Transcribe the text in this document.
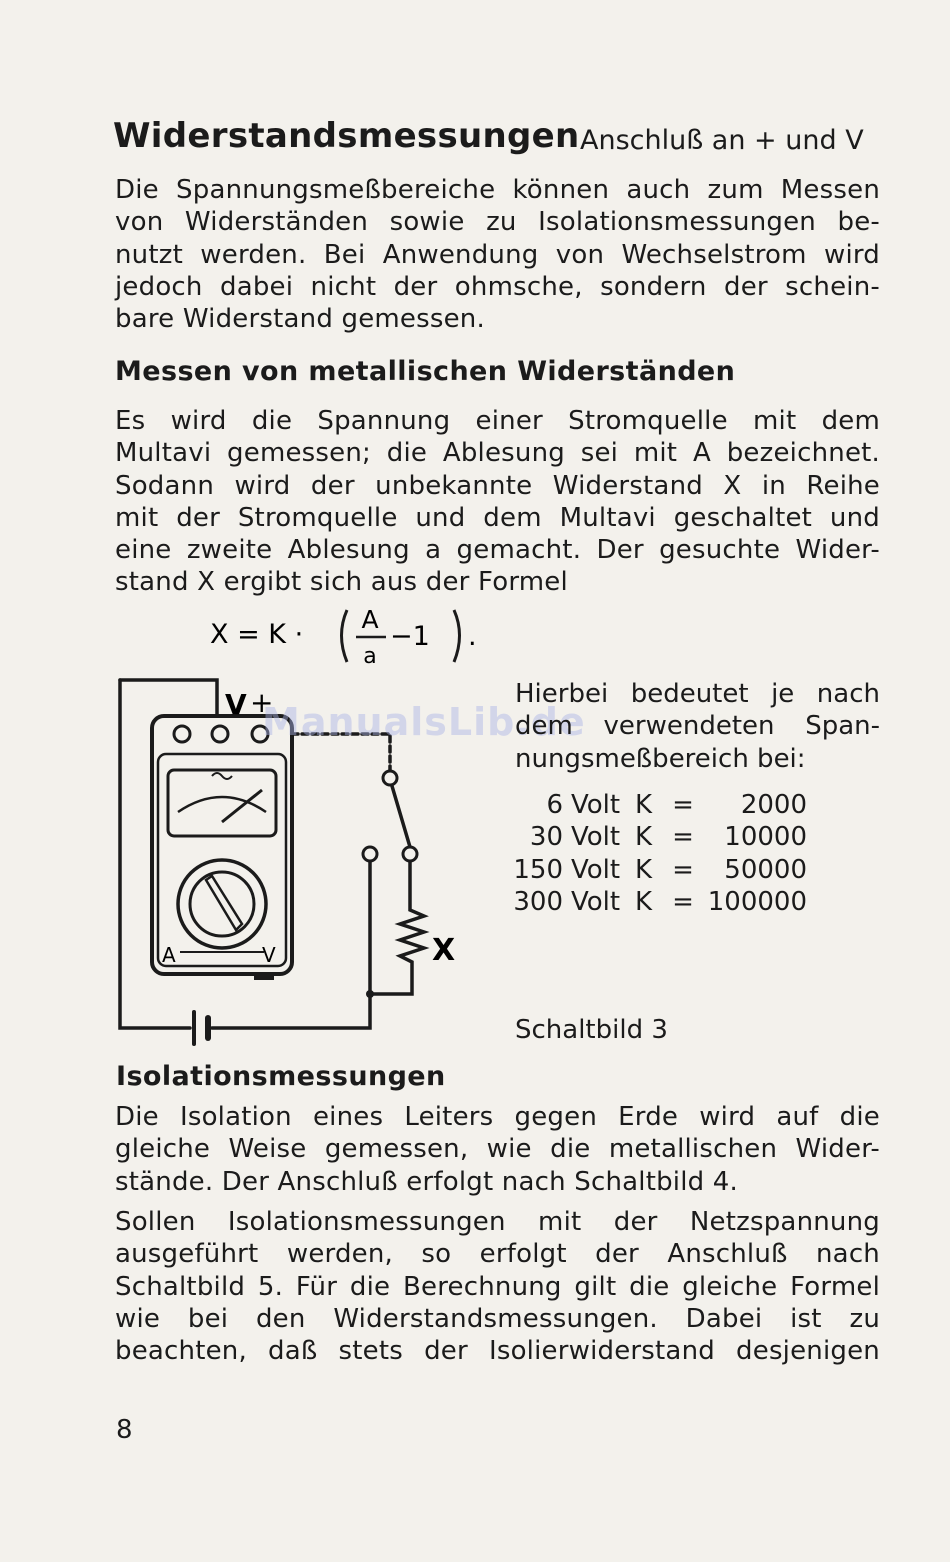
Widerstandsmessungen Anschluß an + und V
Die Spannungsmeßbereiche können auch zum Messen
von Widerständen sowie zu Isolationsmessungen be-
nutzt werden. Bei Anwendung von Wechselstrom wird
jedoch dabei nicht der ohmsche, sondern der schein-
bare Widerstand gemessen.
Messen von metallischen Widerständen
Es wird die Spannung einer Stromquelle mit dem
Multavi gemessen; die Ablesung sei mit A bezeichnet.
Sodann wird der unbekannte Widerstand X in Reihe
mit der Stromquelle und dem Multavi geschaltet und
eine zweite Ablesung a gemacht. Der gesuchte Wider-
stand X ergibt sich aus der Formel
X = K · A
a
−1 .
V +
A	V	X
ManualsLib.de
Hierbei bedeutet je nach
dem verwendeten Span-
nungsmeßbereich bei:
6	Volt	K	=	2000
30	Volt	K	=	10000
150	Volt	K	=	50000
300	Volt	K	=	100000
Schaltbild 3
Isolationsmessungen
Die Isolation eines Leiters gegen Erde wird auf die
gleiche Weise gemessen, wie die metallischen Wider-
stände. Der Anschluß erfolgt nach Schaltbild 4.
Sollen Isolationsmessungen mit der Netzspannung
ausgeführt werden, so erfolgt der Anschluß nach
Schaltbild 5. Für die Berechnung gilt die gleiche Formel
wie bei den Widerstandsmessungen. Dabei ist zu
beachten, daß stets der Isolierwiderstand desjenigen
8
